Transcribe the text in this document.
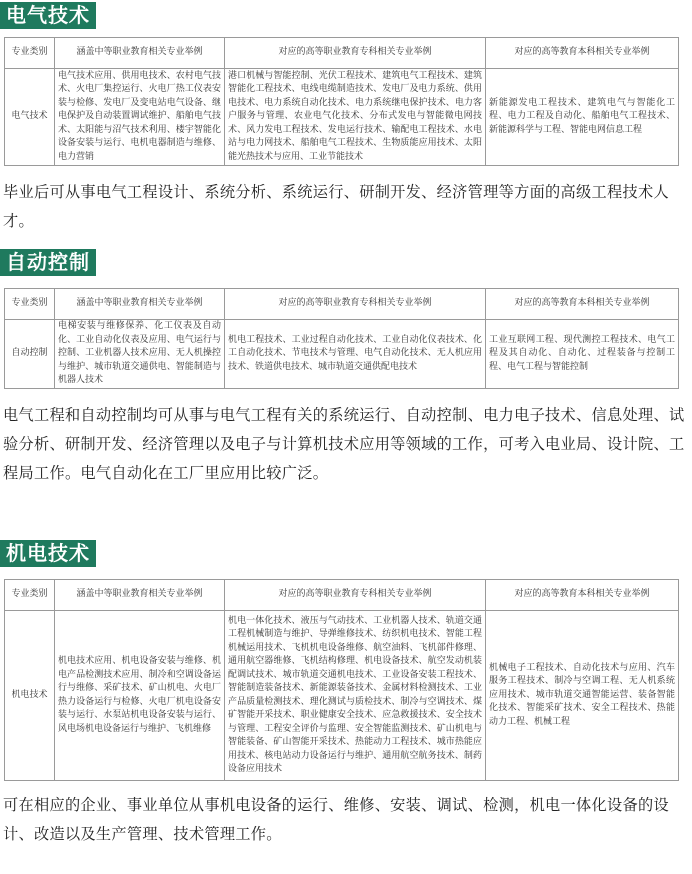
电气技术
专业类别	涵盖中等职业教育相关专业举例	对应的高等职业教育专科相关专业举例	对应的高等教育本科相关专业举例
电气技术	电气技术应用、供用电技术、农村电气技术、火电厂集控运行、火电厂热工仪表安装与检修、发电厂及变电站电气设备、继电保护及自动装置调试维护、船舶电气技术、太阳能与沼气技术利用、楼宇智能化设备安装与运行、电机电器制造与维修、电力营销	港口机械与智能控制、光伏工程技术、建筑电气工程技术、建筑智能化工程技术、电线电缆制造技术、发电厂及电力系统、供用电技术、电力系统自动化技术、电力系统继电保护技术、电力客户服务与管理、农业电气化技术、分布式发电与智能微电网技术、风力发电工程技术、发电运行技术、输配电工程技术、水电站与电力网技术、船舶电气工程技术、生物质能应用技术、太阳能光热技术与应用、工业节能技术	新能源发电工程技术、建筑电气与智能化工程、电力工程及自动化、船舶电气工程技术、新能源科学与工程、智能电网信息工程
毕业后可从事电气工程设计、系统分析、系统运行、研制开发、经济管理等方面的高级工程技术人才。
自动控制
专业类别	涵盖中等职业教育相关专业举例	对应的高等职业教育专科相关专业举例	对应的高等教育本科相关专业举例
自动控制	电梯安装与维修保养、化工仪表及自动化、工业自动化仪表及应用、电气运行与控制、工业机器人技术应用、无人机操控与维护、城市轨道交通供电、智能制造与机器人技术	机电工程技术、工业过程自动化技术、工业自动化仪表技术、化工自动化技术、节电技术与管理、电气自动化技术、无人机应用技术、铁道供电技术、城市轨道交通供配电技术	工业互联网工程、现代测控工程技术、电气工程及其自动化、自动化、过程装备与控制工程、电气工程与智能控制
电气工程和自动控制均可从事与电气工程有关的系统运行、自动控制、电力电子技术、信息处理、试验分析、研制开发、经济管理以及电子与计算机技术应用等领域的工作，可考入电业局、设计院、工程局工作。电气自动化在工厂里应用比较广泛。
机电技术
专业类别	涵盖中等职业教育相关专业举例	对应的高等职业教育专科相关专业举例	对应的高等教育本科相关专业举例
机电技术	机电技术应用、机电设备安装与维修、机电产品检测技术应用、制冷和空调设备运行与维修、采矿技术、矿山机电、火电厂热力设备运行与检修、火电厂机电设备安装与运行、水泵站机电设备安装与运行、风电场机电设备运行与维护、飞机维修	机电一体化技术、液压与气动技术、工业机器人技术、轨道交通工程机械制造与维护、导弹维修技术、纺织机电技术、智能工程机械运用技术、飞机机电设备维修、航空油料、飞机部件修理、通用航空器维修、飞机结构修理、机电设备技术、航空发动机装配调试技术、城市轨道交通机电技术、工业设备安装工程技术、智能制造装备技术、新能源装备技术、金属材料检测技术、工业产品质量检测技术、理化测试与质检技术、制冷与空调技术、煤矿智能开采技术、职业健康安全技术、应急救援技术、安全技术与管理、工程安全评价与监理、安全智能监测技术、矿山机电与智能装备、矿山智能开采技术、热能动力工程技术、城市热能应用技术、核电站动力设备运行与维护、通用航空航务技术、制药设备应用技术	机械电子工程技术、自动化技术与应用、汽车服务工程技术、制冷与空调工程、无人机系统应用技术、城市轨道交通智能运营、装备智能化技术、智能采矿技术、安全工程技术、热能动力工程、机械工程
可在相应的企业、事业单位从事机电设备的运行、维修、安装、调试、检测，机电一体化设备的设计、改造以及生产管理、技术管理工作。
